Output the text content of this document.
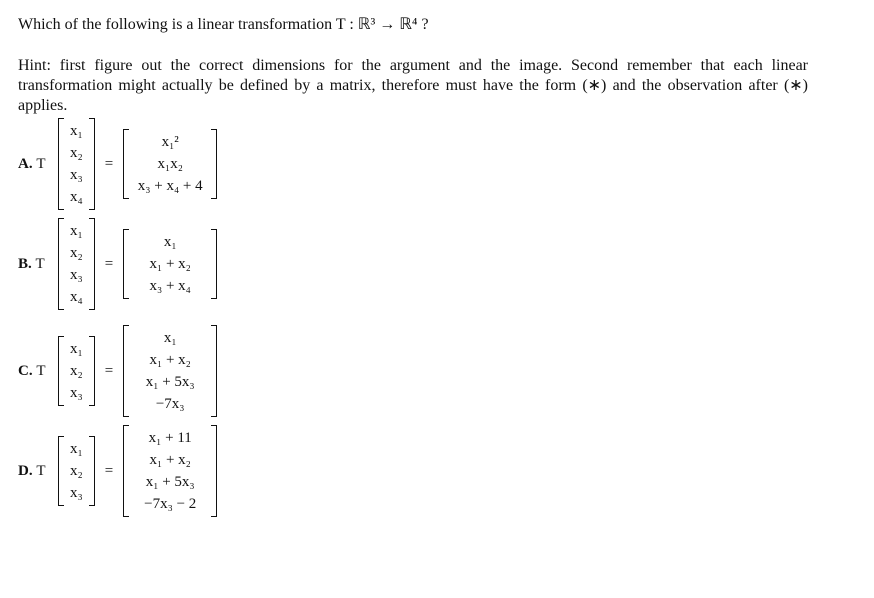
Which of the following is a linear transformation T : ℝ³ → ℝ⁴ ?
Hint: first figure out the correct dimensions for the argument and the image. Second remember that each linear transformation might actually be defined by a matrix, therefore must have the form (∗) and the observation after (∗) applies.
A. T
x₁
x₂
x₃
x₄
=
x₁²
x₁x₂
x₃ + x₄ + 4
B. T
x₁
x₂
x₃
x₄
=
x₁
x₁ + x₂
x₃ + x₄
C. T
x₁
x₂
x₃
=
x₁
x₁ + x₂
x₁ + 5x₃
−7x₃
D. T
x₁
x₂
x₃
=
x₁ + 11
x₁ + x₂
x₁ + 5x₃
−7x₃ − 2
